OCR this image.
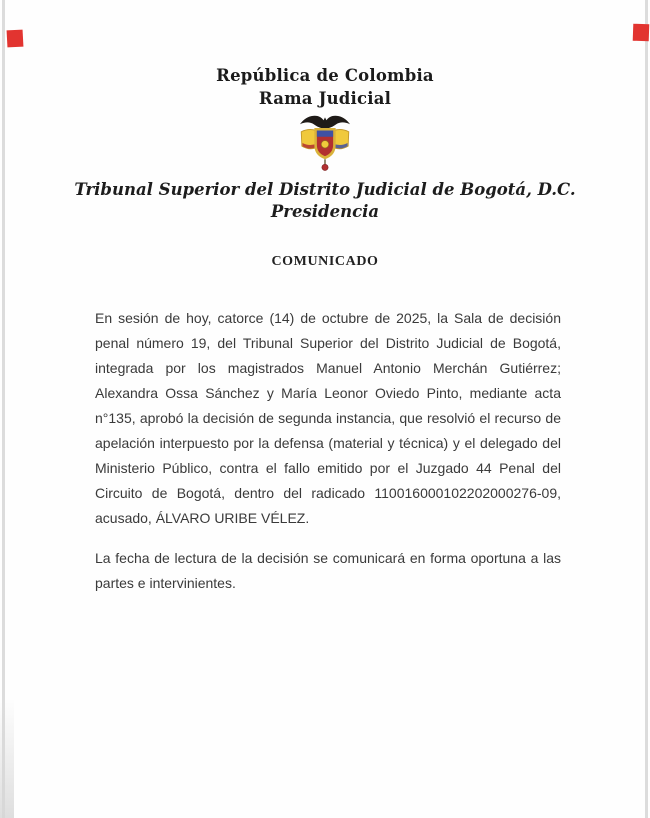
República de Colombia
Rama Judicial
Tribunal Superior del Distrito Judicial de Bogotá, D.C.
Presidencia
COMUNICADO

En sesión de hoy, catorce (14) de octubre de 2025, la Sala de decisión penal número 19, del Tribunal Superior del Distrito Judicial de Bogotá, integrada por los magistrados Manuel Antonio Merchán Gutiérrez; Alexandra Ossa Sánchez y María Leonor Oviedo Pinto, mediante acta n°135, aprobó la decisión de segunda instancia, que resolvió el recurso de apelación interpuesto por la defensa (material y técnica) y el delegado del Ministerio Público, contra el fallo emitido por el Juzgado 44 Penal del Circuito de Bogotá, dentro del radicado 110016000102202000276-09, acusado, ÁLVARO URIBE VÉLEZ.

La fecha de lectura de la decisión se comunicará en forma oportuna a las partes e intervinientes.
